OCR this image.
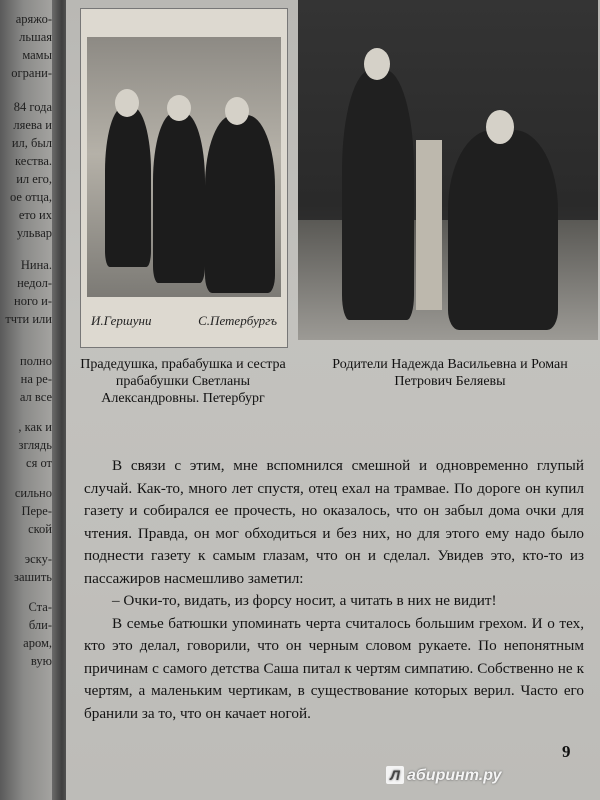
аряжо-
льшая
мамы
ограни-
84 года
ляева и
ил, был
кества.
ил его,
ое отца,
ето их
ульвар
Нина.
недол-
ного и-
тчти или
полно
на ре-
ал все
, как и
зглядь
ся от
сильно
Пере-
ской
эску-
зашить
Ста-
бли-
аром,
вую
И.Гершуни	С.Петербургъ
Прадедушка, прабабушка и сестра прабабушки Светланы Александровны. Петербург
Родители Надежда Васильевна и Роман Петрович Беляевы

В связи с этим, мне вспомнился смешной и одновременно глупый случай. Как-то, много лет спустя, отец ехал на трамвае. По дороге он купил газету и собирался ее прочесть, но оказалось, что он забыл дома очки для чтения. Правда, он мог обходиться и без них, но для этого ему надо было поднести газету к самым глазам, что он и сделал. Увидев это, кто-то из пассажиров насмешливо заметил:

– Очки-то, видать, из форсу носит, а читать в них не видит!

В семье батюшки упоминать черта считалось большим грехом. И о тех, кто это делал, говорили, что он черным словом рукаете. По непонятным причинам с самого детства Саша питал к чертям симпатию. Собственно не к чертям, а маленьким чертикам, в существование которых верил. Часто его бранили за то, что он качает ногой.

9
Л абиринт.ру
